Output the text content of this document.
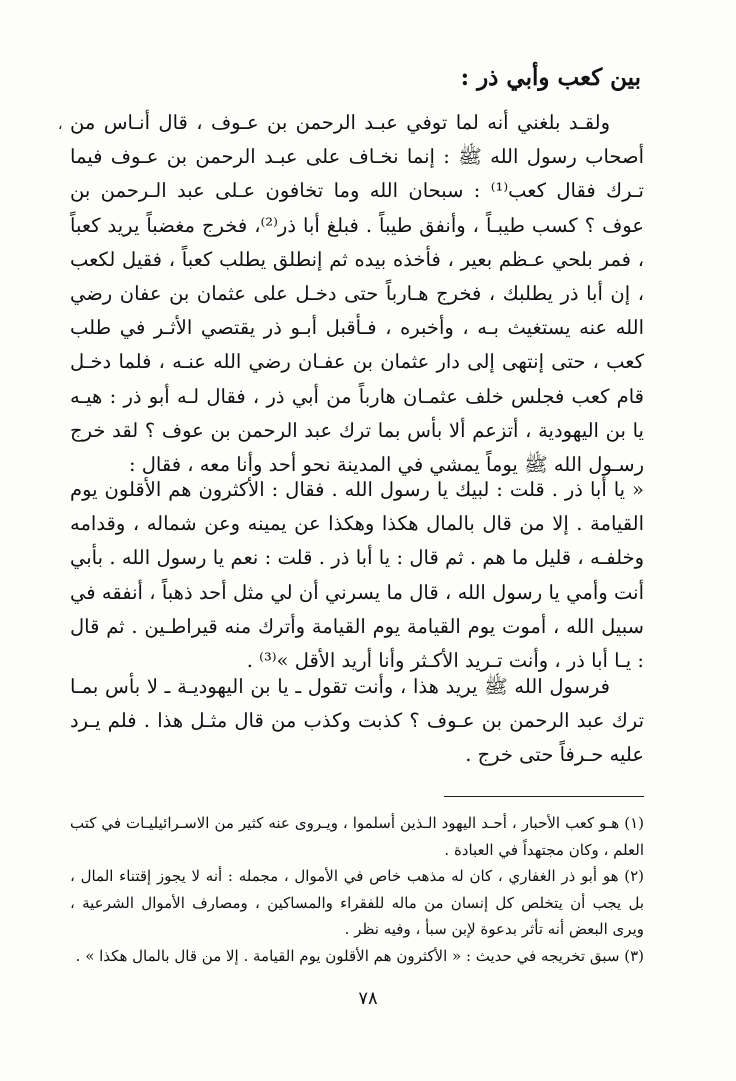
،
بين كعب وأبي ذر :

ولقـد بلغني أنه لما توفي عبـد الرحمن بن عـوف ، قال أنـاس من أصحاب رسول الله ﷺ : إنما نخـاف على عبـد الرحمن بن عـوف فيما تـرك فقال كعب⁽¹⁾ : سبحان الله وما تخافون عـلى عبد الـرحمن بن عوف ؟ كسب طيبـاً ، وأنفق طيباً . فبلغ أبا ذر⁽²⁾، فخرج مغضباً يريد كعباً ، فمر بلحي عـظم بعير ، فأخذه بيده ثم إنطلق يطلب كعباً ، فقيل لكعب ، إن أبا ذر يطلبك ، فخرج هـارباً حتى دخـل على عثمان بن عفان رضي الله عنه يستغيث بـه ، وأخبره ، فـأقبل أبـو ذر يقتصي الأثـر في طلب كعب ، حتى إنتهى إلى دار عثمان بن عفـان رضي الله عنـه ، فلما دخـل قام كعب فجلس خلف عثمـان هارباً من أبي ذر ، فقال لـه أبو ذر : هيـه يا بن اليهودية ، أتزعم ألا بأس بما ترك عبد الرحمن بن عوف ؟ لقد خرج رسـول الله ﷺ يوماً يمشي في المدينة نحو أحد وأنا معه ، فقال :

« يا أبا ذر . قلت : لبيك يا رسول الله . فقال : الأكثرون هم الأقلون يوم القيامة . إلا من قال بالمال هكذا وهكذا عن يمينه وعن شماله ، وقدامه وخلفـه ، قليل ما هم . ثم قال : يا أبا ذر . قلت : نعم يا رسول الله . بأبي أنت وأمي يا رسول الله ، قال ما يسرني أن لي مثل أحد ذهباً ، أنفقه في سبيل الله ، أموت يوم القيامة يوم القيامة وأترك منه قيراطـين . ثم قال : يـا أبا ذر ، وأنت تـريد الأكـثر وأنا أريد الأقل »⁽³⁾ .

فرسول الله ﷺ يريد هذا ، وأنت تقول ـ يا بن اليهوديـة ـ لا بأس بمـا ترك عبد الرحمن بن عـوف ؟ كذبت وكذب من قال مثـل هذا . فلم يـرد عليه حـرفاً حتى خرج .

(١) هـو كعب الأحبار ، أحـد اليهود الـذين أسلموا ، ويـروى عنه كثير من الاسـرائيليـات في كتب العلم ، وكان مجتهداً في العبادة .

(٢) هو أبو ذر الغفاري ، كان له مذهب خاص في الأموال ، مجمله : أنه لا يجوز إقتناء المال ، بل يجب أن يتخلص كل إنسان من ماله للفقراء والمساكين ، ومصارف الأموال الشرعية ، ويرى البعض أنه تأثر بدعوة لإبن سبأ ، وفيه نظر .

(٣) سبق تخريجه في حديث : « الأكثرون هم الأقلون يوم القيامة . إلا من قال بالمال هكذا » .

٧٨
